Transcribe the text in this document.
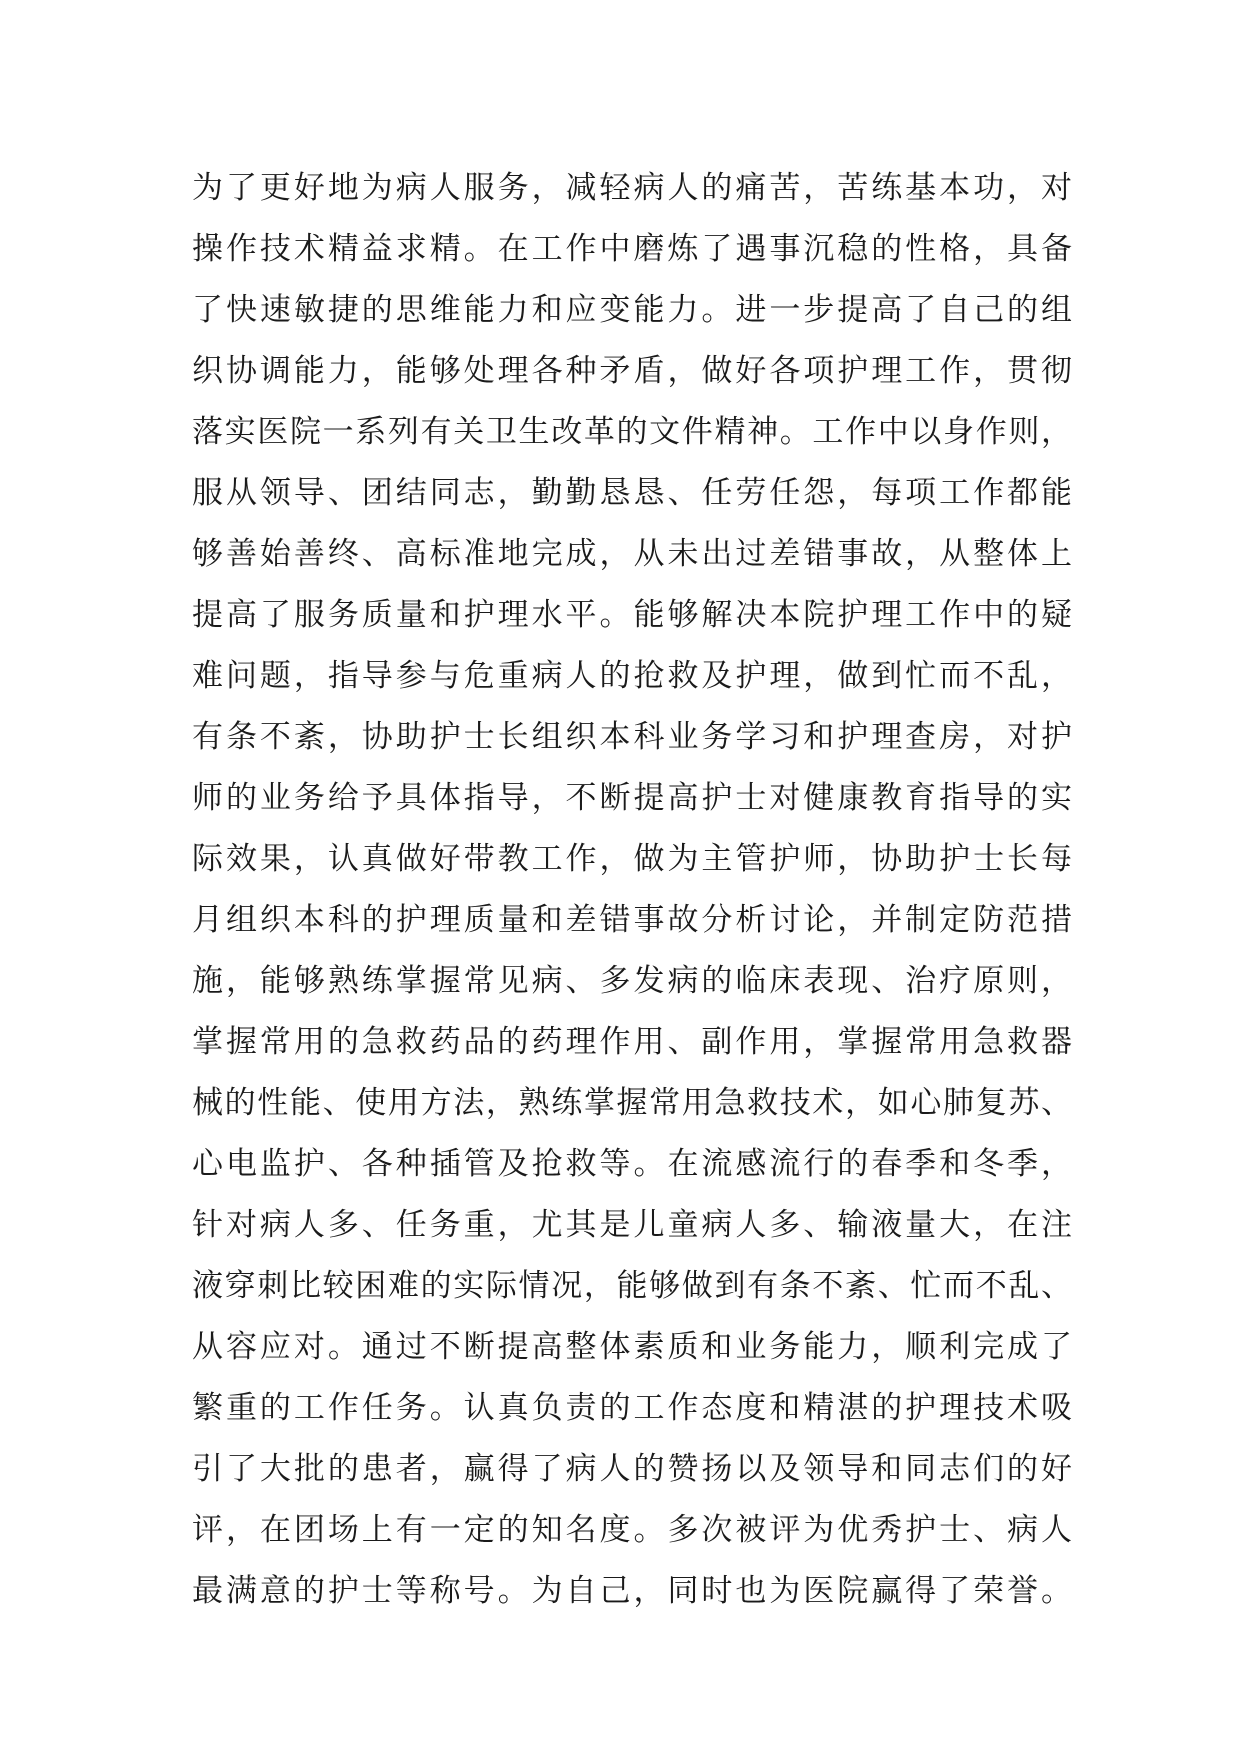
为了更好地为病人服务，减轻病人的痛苦，苦练基本功，对
操作技术精益求精。在工作中磨炼了遇事沉稳的性格，具备
了快速敏捷的思维能力和应变能力。进一步提高了自己的组
织协调能力，能够处理各种矛盾，做好各项护理工作，贯彻
落实医院一系列有关卫生改革的文件精神。工作中以身作则，
服从领导、团结同志，勤勤恳恳、任劳任怨，每项工作都能
够善始善终、高标准地完成，从未出过差错事故，从整体上
提高了服务质量和护理水平。能够解决本院护理工作中的疑
难问题，指导参与危重病人的抢救及护理，做到忙而不乱，
有条不紊，协助护士长组织本科业务学习和护理查房，对护
师的业务给予具体指导，不断提高护士对健康教育指导的实
际效果，认真做好带教工作，做为主管护师，协助护士长每
月组织本科的护理质量和差错事故分析讨论，并制定防范措
施，能够熟练掌握常见病、多发病的临床表现、治疗原则，
掌握常用的急救药品的药理作用、副作用，掌握常用急救器
械的性能、使用方法，熟练掌握常用急救技术，如心肺复苏、
心电监护、各种插管及抢救等。在流感流行的春季和冬季，
针对病人多、任务重，尤其是儿童病人多、输液量大，在注
液穿刺比较困难的实际情况，能够做到有条不紊、忙而不乱、
从容应对。通过不断提高整体素质和业务能力，顺利完成了
繁重的工作任务。认真负责的工作态度和精湛的护理技术吸
引了大批的患者，赢得了病人的赞扬以及领导和同志们的好
评，在团场上有一定的知名度。多次被评为优秀护士、病人
最满意的护士等称号。为自己，同时也为医院赢得了荣誉。
